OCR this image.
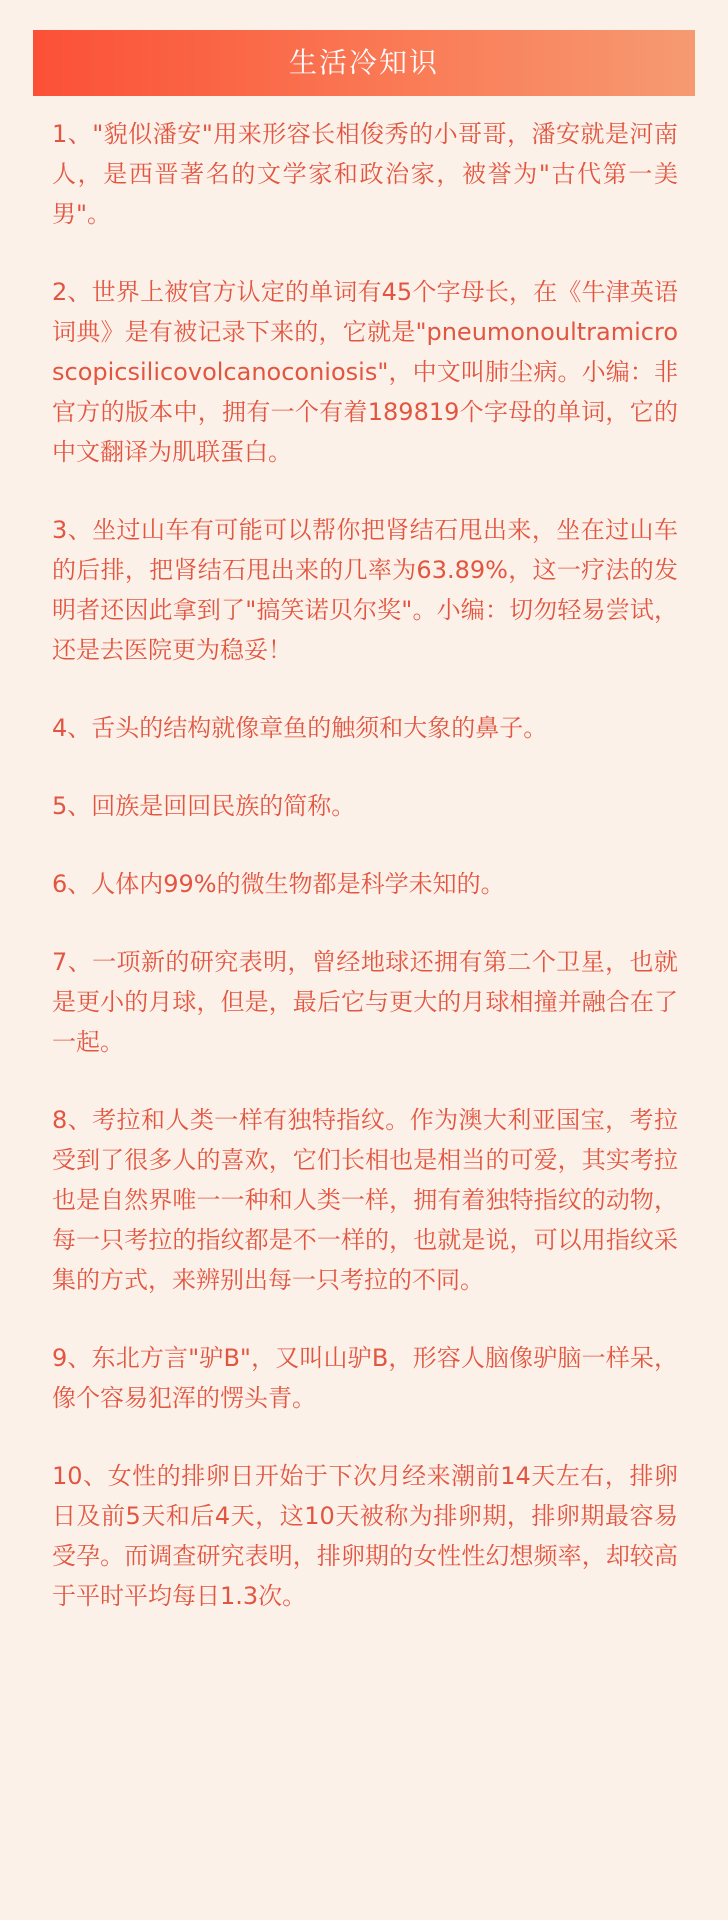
生活冷知识

1、"貌似潘安"用来形容长相俊秀的小哥哥，潘安就是河南人，是西晋著名的文学家和政治家，被誉为"古代第一美男"。

2、世界上被官方认定的单词有45个字母长，在《牛津英语词典》是有被记录下来的，它就是"pneumonoultramicroscopicsilicovolcanoconiosis"，中文叫肺尘病。小编：非官方的版本中，拥有一个有着189819个字母的单词，它的中文翻译为肌联蛋白。

3、坐过山车有可能可以帮你把肾结石甩出来，坐在过山车的后排，把肾结石甩出来的几率为63.89%，这一疗法的发明者还因此拿到了"搞笑诺贝尔奖"。小编：切勿轻易尝试，还是去医院更为稳妥！

4、舌头的结构就像章鱼的触须和大象的鼻子。

5、回族是回回民族的简称。

6、人体内99%的微生物都是科学未知的。

7、一项新的研究表明，曾经地球还拥有第二个卫星，也就是更小的月球，但是，最后它与更大的月球相撞并融合在了一起。

8、考拉和人类一样有独特指纹。作为澳大利亚国宝，考拉受到了很多人的喜欢，它们长相也是相当的可爱，其实考拉也是自然界唯一一种和人类一样，拥有着独特指纹的动物，每一只考拉的指纹都是不一样的，也就是说，可以用指纹采集的方式，来辨别出每一只考拉的不同。

9、东北方言"驴B"，又叫山驴B，形容人脑像驴脑一样呆，像个容易犯浑的愣头青。

10、女性的排卵日开始于下次月经来潮前14天左右，排卵日及前5天和后4天，这10天被称为排卵期，排卵期最容易受孕。而调查研究表明，排卵期的女性性幻想频率，却较高于平时平均每日1.3次。
